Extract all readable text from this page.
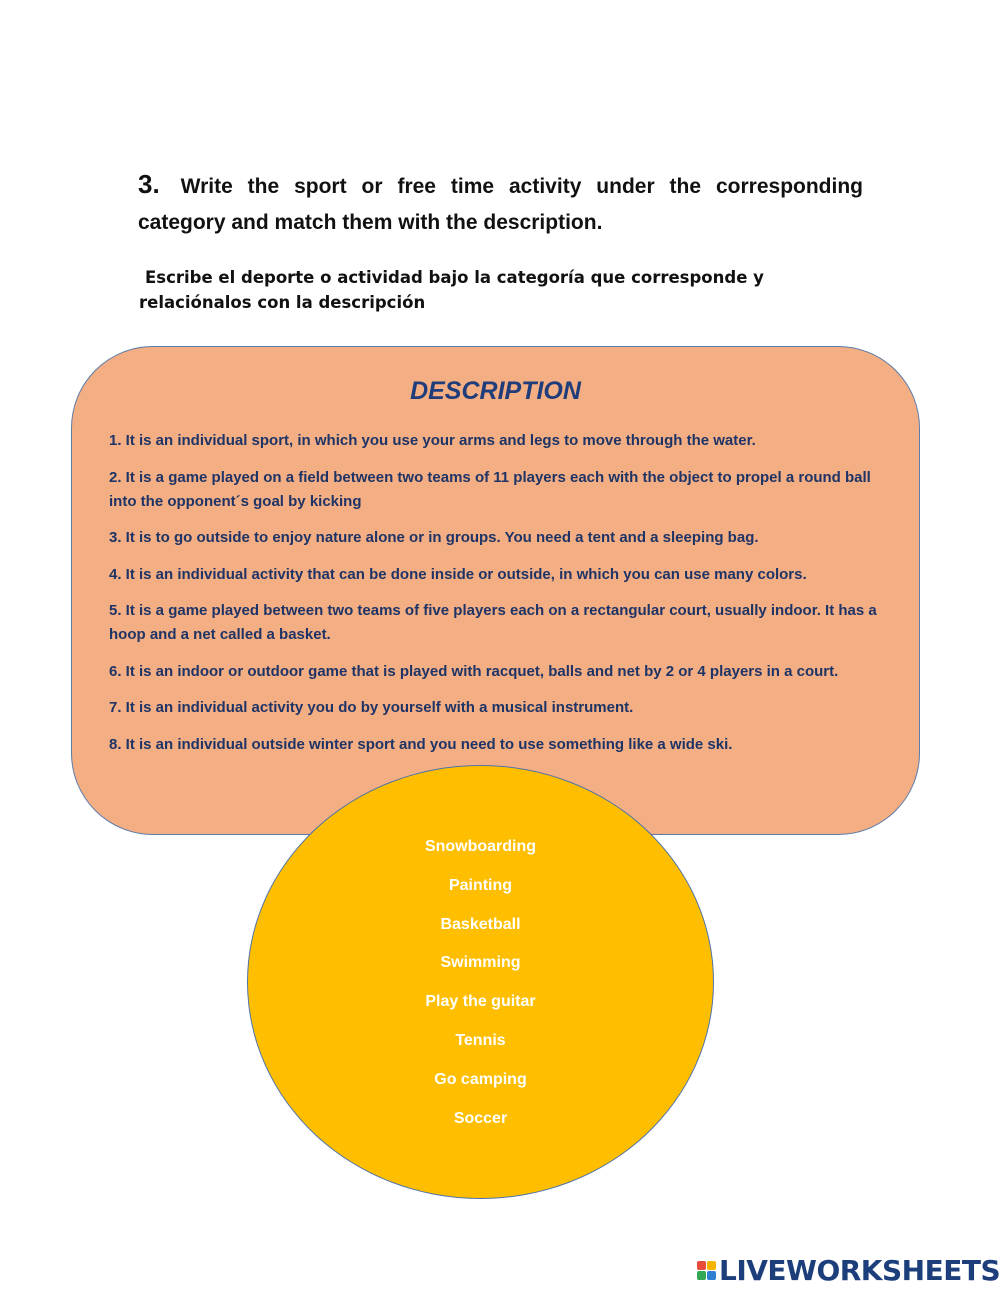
3. Write the sport or free time activity under the corresponding category and match them with the description.
Escribe el deporte o actividad bajo la categoría que corresponde y
relaciónalos con la descripción
DESCRIPTION
1. It is an individual sport, in which you use your arms and legs to move through the water.
2. It is a game played on a field between two teams of 11 players each with the object to propel a round ball into the opponent´s goal by kicking
3. It is to go outside to enjoy nature alone or in groups. You need a tent and a sleeping bag.
4. It is an individual activity that can be done inside or outside, in which you can use many colors.
5. It is a game played between two teams of five players each on a rectangular court, usually indoor. It has a hoop and a net called a basket.
6. It is an indoor or outdoor game that is played with racquet, balls and net by 2 or 4 players in a court.
7. It is an individual activity you do by yourself with a musical instrument.
8. It is an individual outside winter sport and you need to use something like a wide ski.
Snowboarding
Painting
Basketball
Swimming
Play the guitar
Tennis
Go camping
Soccer
LIVEWORKSHEETS
